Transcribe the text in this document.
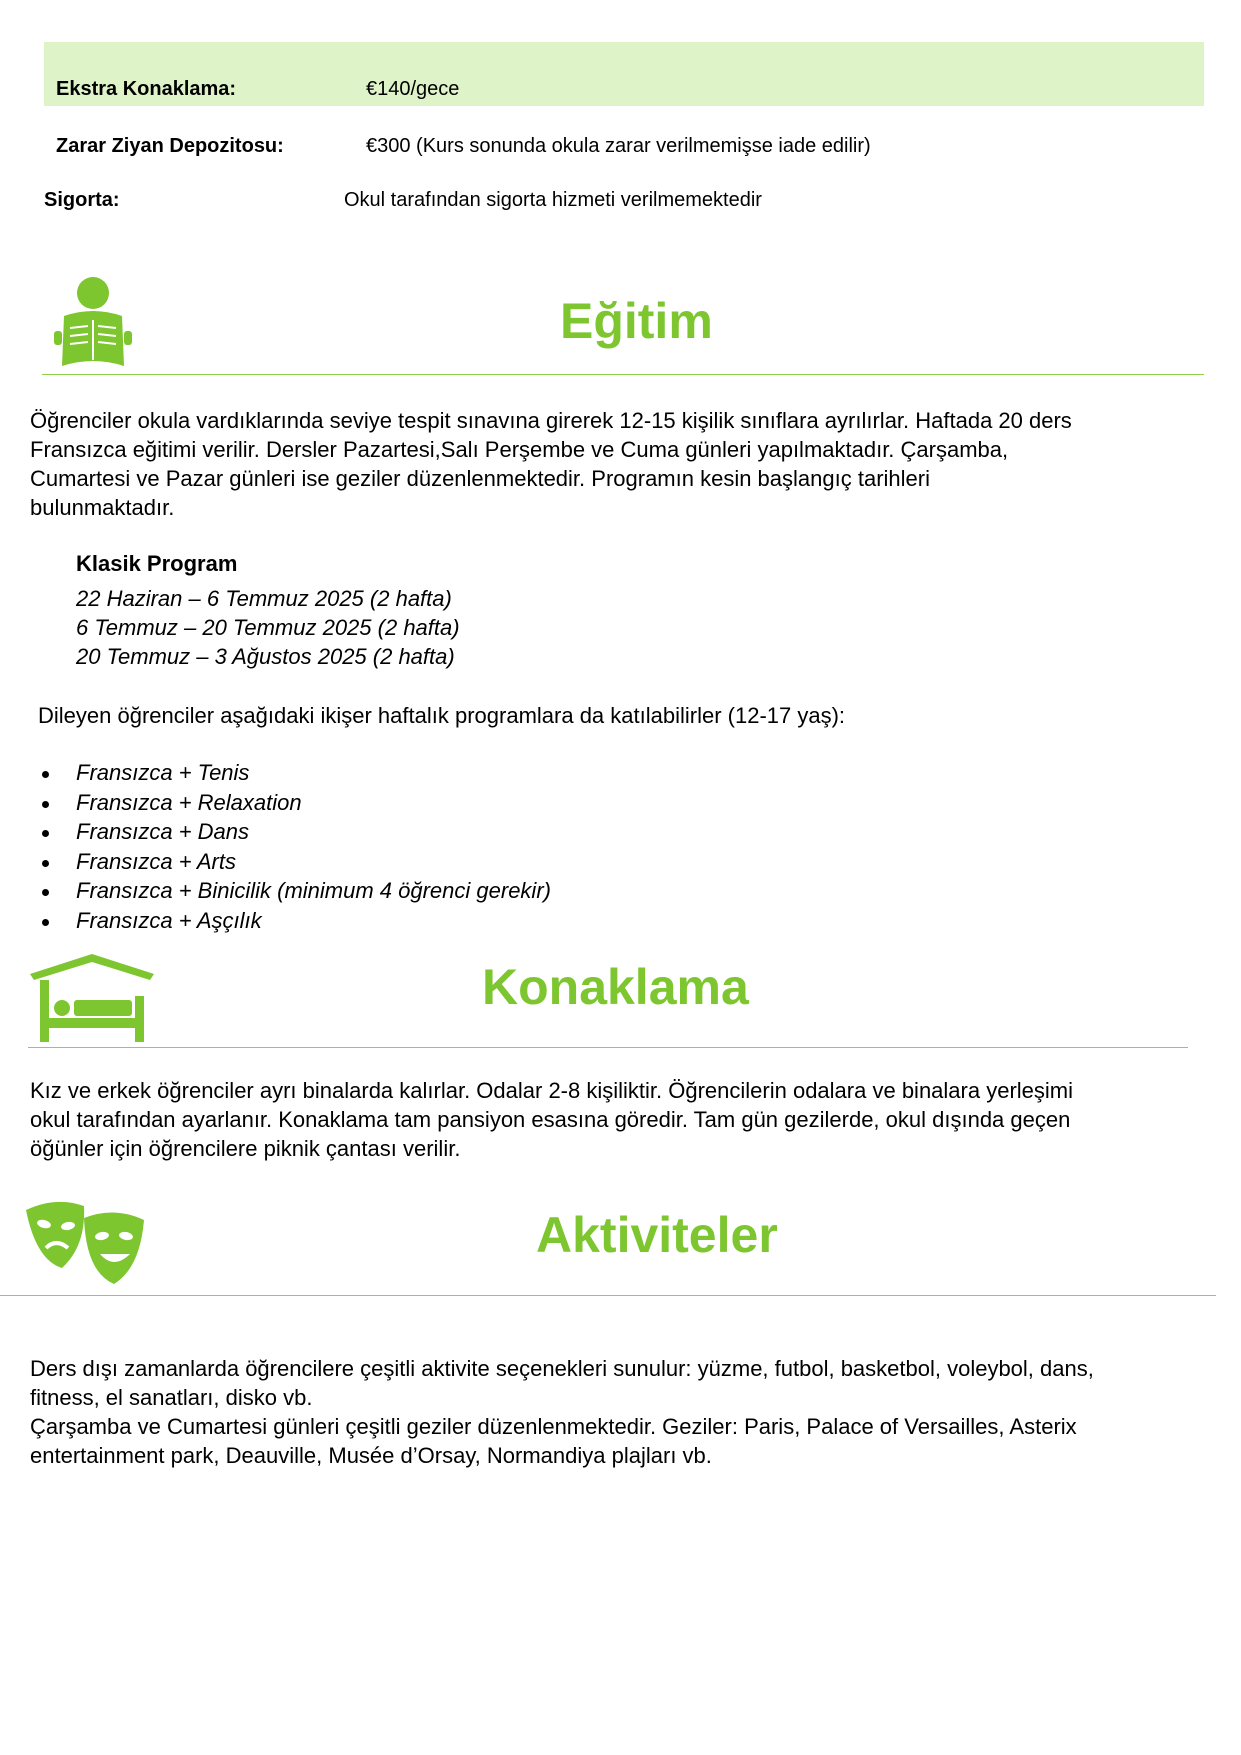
Ekstra Konaklama:	€140/gece
Zarar Ziyan Depozitosu:	€300 (Kurs sonunda okula zarar verilmemişse iade edilir)
Sigorta:	Okul tarafından sigorta hizmeti verilmemektedir
Eğitim

Öğrenciler okula vardıklarında seviye tespit sınavına girerek 12-15 kişilik sınıflara ayrılırlar. Haftada 20 ders

Fransızca eğitimi verilir. Dersler Pazartesi,Salı Perşembe ve Cuma günleri yapılmaktadır. Çarşamba,

Cumartesi ve Pazar günleri ise geziler düzenlenmektedir. Programın kesin başlangıç tarihleri

bulunmaktadır.

Klasik Program
22 Haziran – 6 Temmuz 2025 (2 hafta)
6 Temmuz – 20 Temmuz 2025 (2 hafta)
20 Temmuz – 3 Ağustos 2025 (2 hafta)
Dileyen öğrenciler aşağıdaki ikişer haftalık programlara da katılabilirler (12-17 yaş):
Fransızca + Tenis
Fransızca + Relaxation
Fransızca + Dans
Fransızca + Arts
Fransızca + Binicilik (minimum 4 öğrenci gerekir)
Fransızca + Aşçılık
Konaklama

Kız ve erkek öğrenciler ayrı binalarda kalırlar. Odalar 2-8 kişiliktir. Öğrencilerin odalara ve binalara yerleşimi

okul tarafından ayarlanır. Konaklama tam pansiyon esasına göredir. Tam gün gezilerde, okul dışında geçen

öğünler için öğrencilere piknik çantası verilir.

Aktiviteler

Ders dışı zamanlarda öğrencilere çeşitli aktivite seçenekleri sunulur: yüzme, futbol, basketbol, voleybol, dans,

fitness, el sanatları, disko vb.

Çarşamba ve Cumartesi günleri çeşitli geziler düzenlenmektedir. Geziler: Paris, Palace of Versailles, Asterix

entertainment park, Deauville, Musée d’Orsay, Normandiya plajları vb.
